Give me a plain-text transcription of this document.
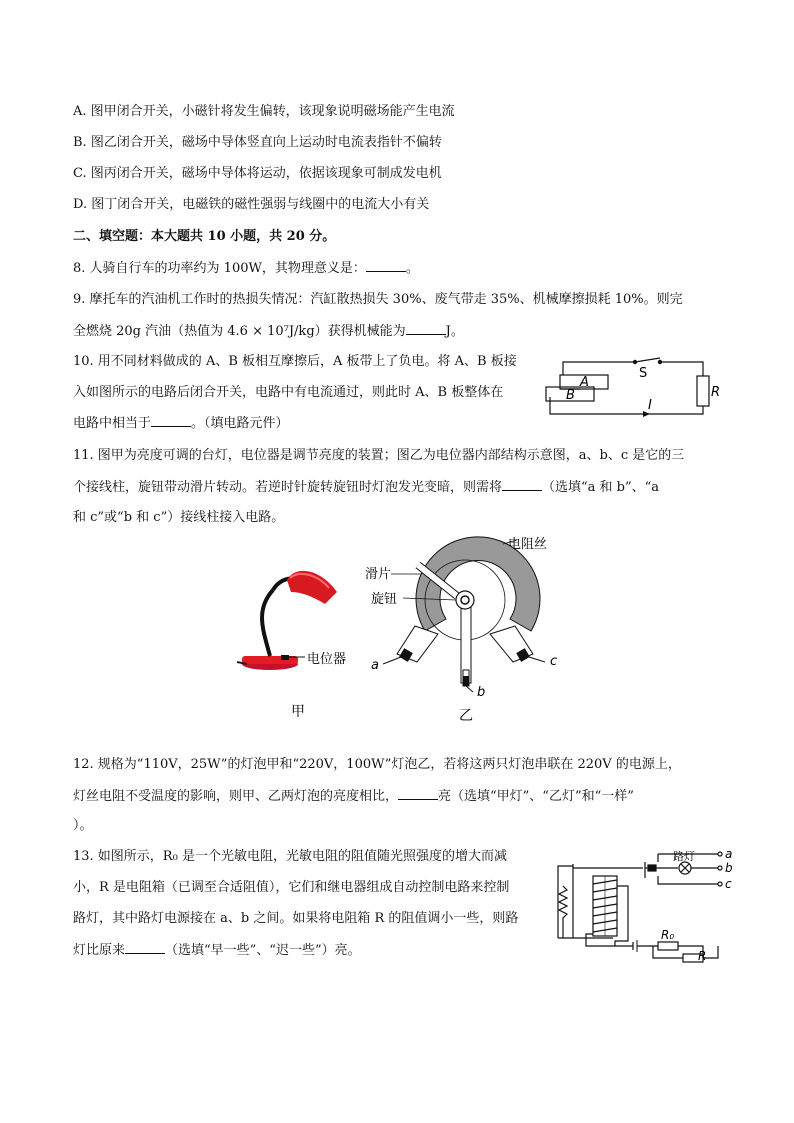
A. 图甲闭合开关，小磁针将发生偏转，该现象说明磁场能产生电流
B. 图乙闭合开关，磁场中导体竖直向上运动时电流表指针不偏转
C. 图丙闭合开关，磁场中导体将运动，依据该现象可制成发电机
D. 图丁闭合开关，电磁铁的磁性强弱与线圈中的电流大小有关
二、填空题：本大题共 10 小题，共 20 分。
8. 人骑自行车的功率约为 100W，其物理意义是：	。
9. 摩托车的汽油机工作时的热损失情况：汽缸散热损失 30%、废气带走 35%、机械摩擦损耗 10%。则完
全燃烧 20g 汽油（热值为 4.6 × 10⁷J/kg）获得机械能为	J。
10. 用不同材料做成的 A、B 板相互摩擦后，A 板带上了负电。将 A、B 板接
入如图所示的电路后闭合开关，电路中有电流通过，则此时 A、B 板整体在
电路中相当于	。（填电路元件）
A
B
S
R
I
11. 图甲为亮度可调的台灯，电位器是调节亮度的装置；图乙为电位器内部结构示意图，a、b、c 是它的三
个接线柱，旋钮带动滑片转动。若逆时针旋转旋钮时灯泡发光变暗，则需将	（选填“a 和 b”、“a
和 c”或“b 和 c”）接线柱接入电路。
电位器
甲
电阻丝
滑片
旋钮
a
b
c
乙
12. 规格为“110V，25W”的灯泡甲和“220V，100W”灯泡乙，若将这两只灯泡串联在 220V 的电源上，
灯丝电阻不受温度的影响，则甲、乙两灯泡的亮度相比，	亮（选填“甲灯”、“乙灯”和“一样”
）。
13. 如图所示，R₀ 是一个光敏电阻，光敏电阻的阻值随光照强度的增大而减
小，R 是电阻箱（已调至合适阻值），它们和继电器组成自动控制电路来控制
路灯，其中路灯电源接在 a、b 之间。如果将电阻箱 R 的阻值调小一些，则路
灯比原来	（选填“早一些”、“迟一些”）亮。
路灯	a
b
c
R₀
R
